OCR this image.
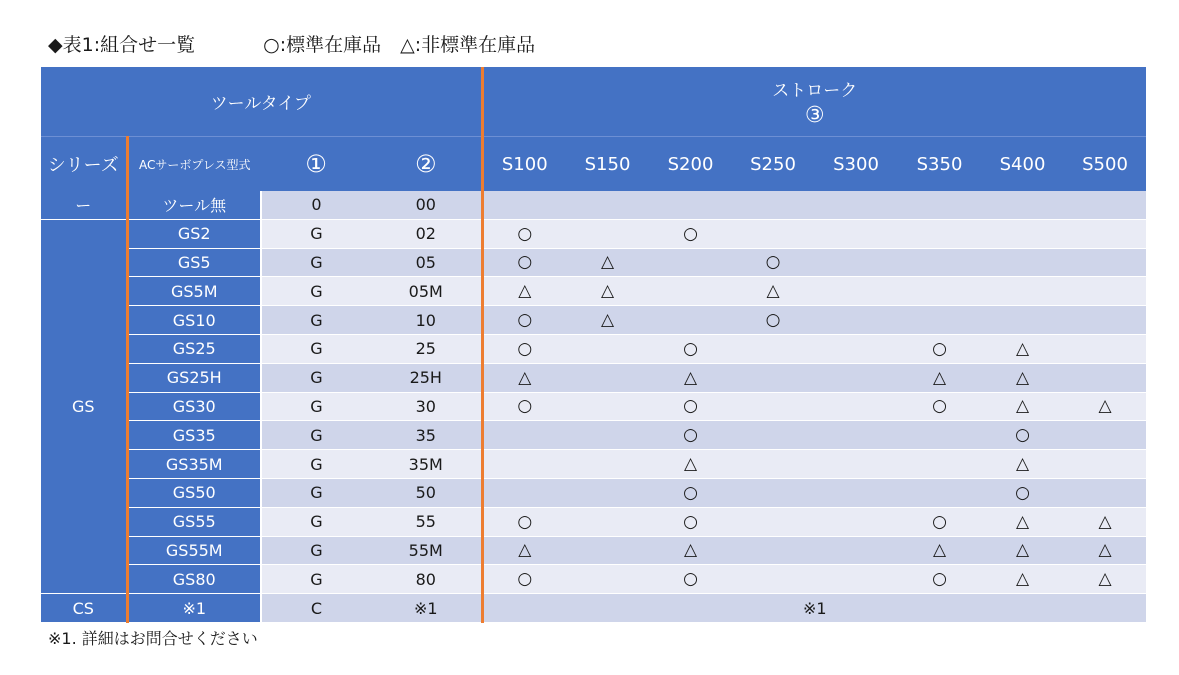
◆表1:組合せ一覧	○:標準在庫品　△:非標準在庫品
ツールタイプ				ストローク
③							

シリーズ	ACサーボプレス型式	①	②	S100	S150	S200	S250	S300	S350	S400	S500
ー	ツール無	0	00								
GS	GS2	G	02	○		○					
	GS5	G	05	○	△		○				
	GS5M	G	05M	△	△		△				
	GS10	G	10	○	△		○				
	GS25	G	25	○		○			○	△	
	GS25H	G	25H	△		△			△	△	
	GS30	G	30	○		○			○	△	△
	GS35	G	35			○				○	
	GS35M	G	35M			△				△	
	GS50	G	50			○				○	
	GS55	G	55	○		○			○	△	△
	GS55M	G	55M	△		△			△	△	△
	GS80	G	80	○		○			○	△	△
CS	※1	C	※1	※1							
※1. 詳細はお問合せください
